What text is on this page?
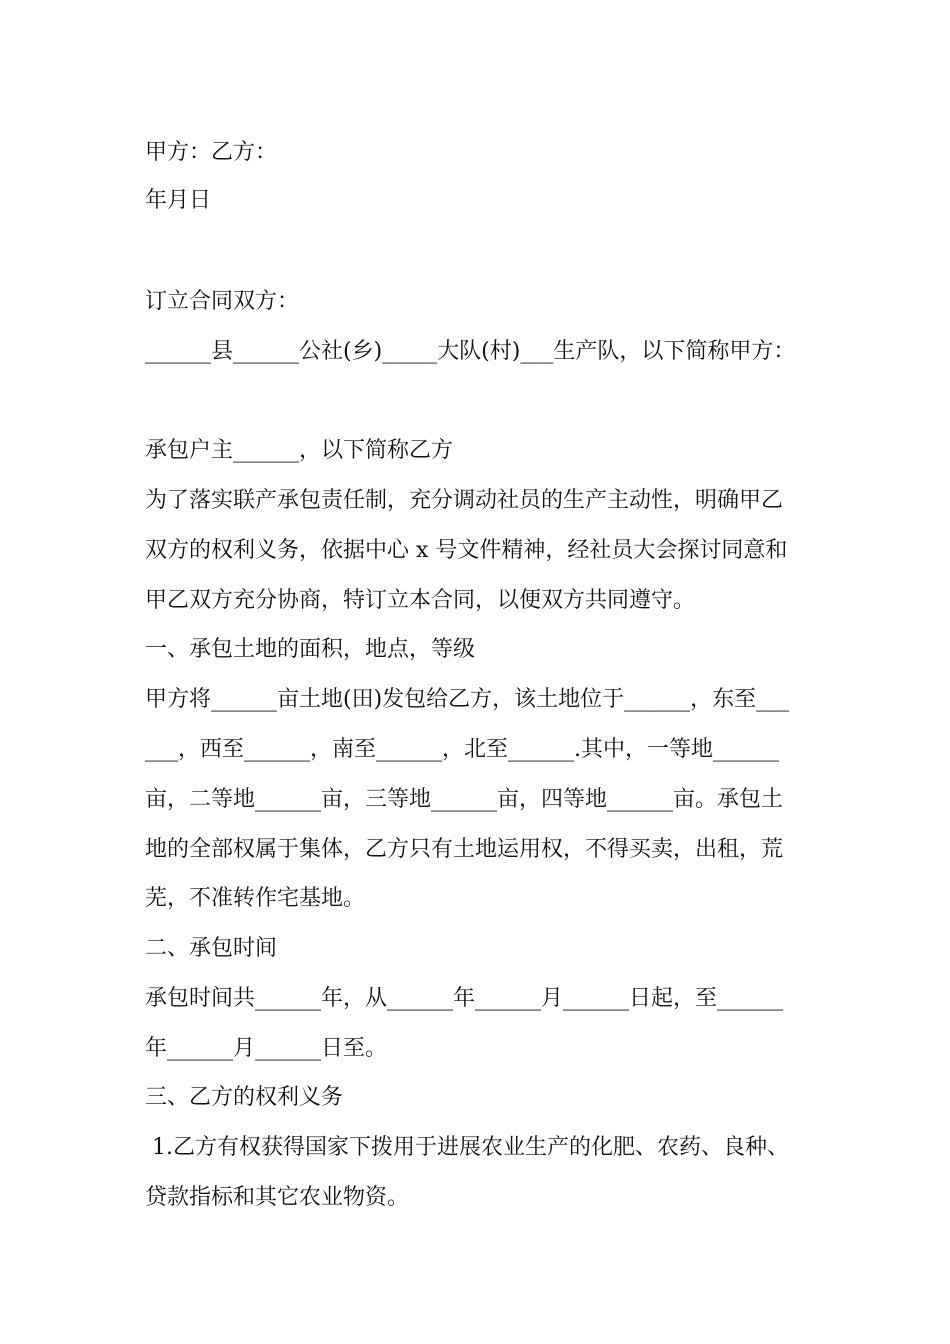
甲方：乙方：
年月日
订立合同双方：
______县______公社(乡)_____大队(村)___生产队，以下简称甲方：
承包户主______，以下简称乙方
为了落实联产承包责任制，充分调动社员的生产主动性，明确甲乙
双方的权利义务，依据中心 x 号文件精神，经社员大会探讨同意和
甲乙双方充分协商，特订立本合同，以便双方共同遵守。
一、承包土地的面积，地点，等级
甲方将______亩土地(田)发包给乙方，该土地位于______，东至___
___，西至______，南至______，北至______.其中，一等地______
亩，二等地______亩，三等地______亩，四等地______亩。承包土
地的全部权属于集体，乙方只有土地运用权，不得买卖，出租，荒
芜，不准转作宅基地。
二、承包时间
承包时间共______年，从______年______月______日起，至______
年______月______日至。
三、乙方的权利义务
1.乙方有权获得国家下拨用于进展农业生产的化肥、农药、良种、
贷款指标和其它农业物资。
